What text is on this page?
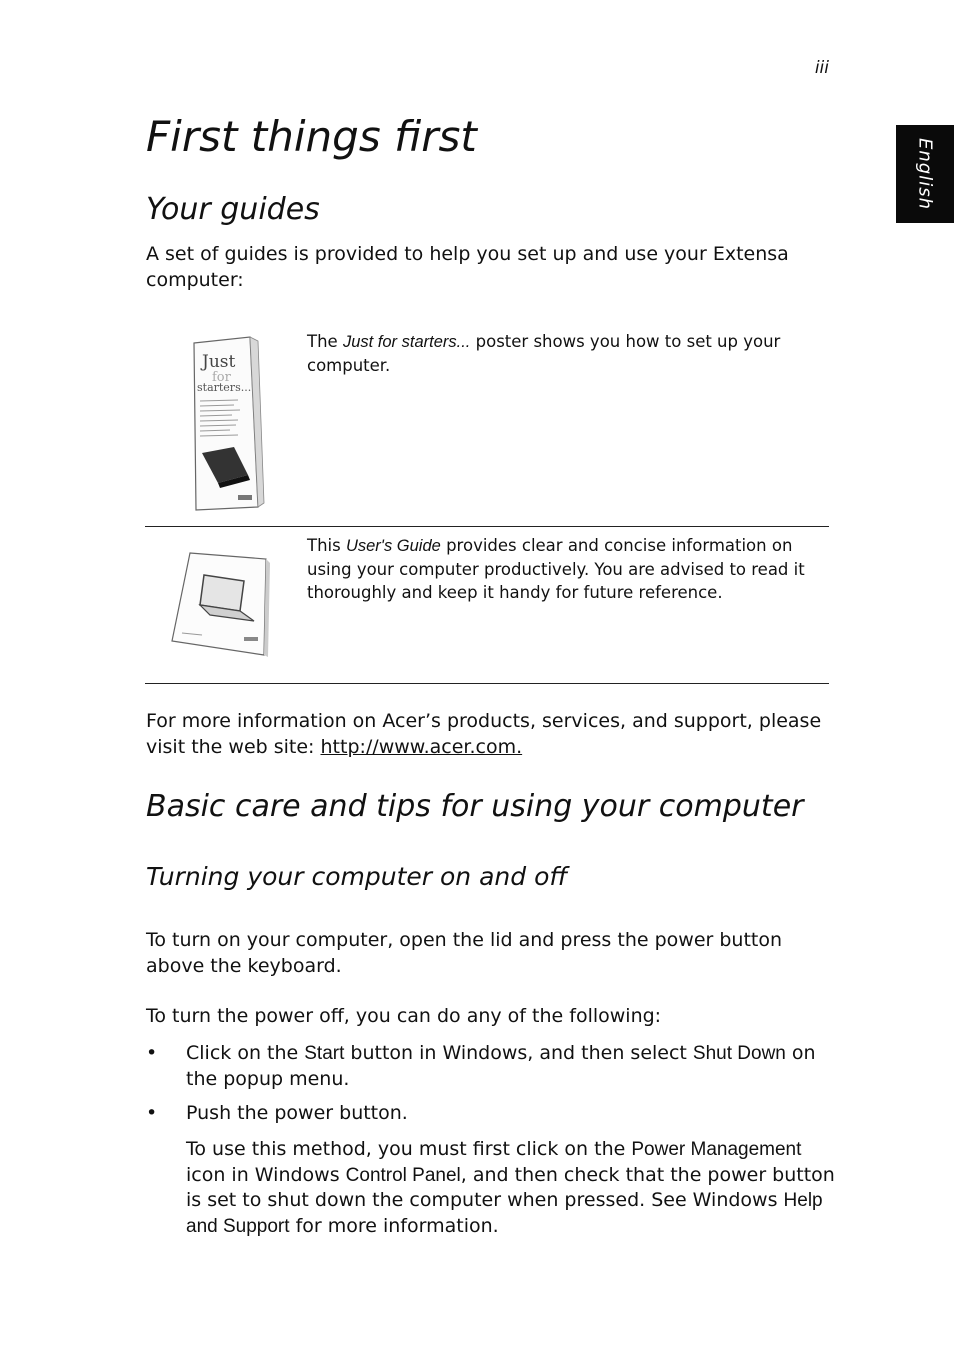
iii
English
First things first
Your guides

A set of guides is provided to help you set up and use your Extensa computer:

Just
for
starters...

The Just for starters... poster shows you how to set up your computer.

This User's Guide provides clear and concise information on using your computer productively. You are advised to read it thoroughly and keep it handy for future reference.

For more information on Acer’s products, services, and support, please visit the web site: http://www.acer.com.

Basic care and tips for using your computer
Turning your computer on and off

To turn on your computer, open the lid and press the power button above the keyboard.

To turn the power off, you can do any of the following:

• Click on the Start button in Windows, and then select Shut Down on the popup menu.

• Push the power button.

To use this method, you must first click on the Power Management icon in Windows Control Panel, and then check that the power button is set to shut down the computer when pressed. See Windows Help and Support for more information.
